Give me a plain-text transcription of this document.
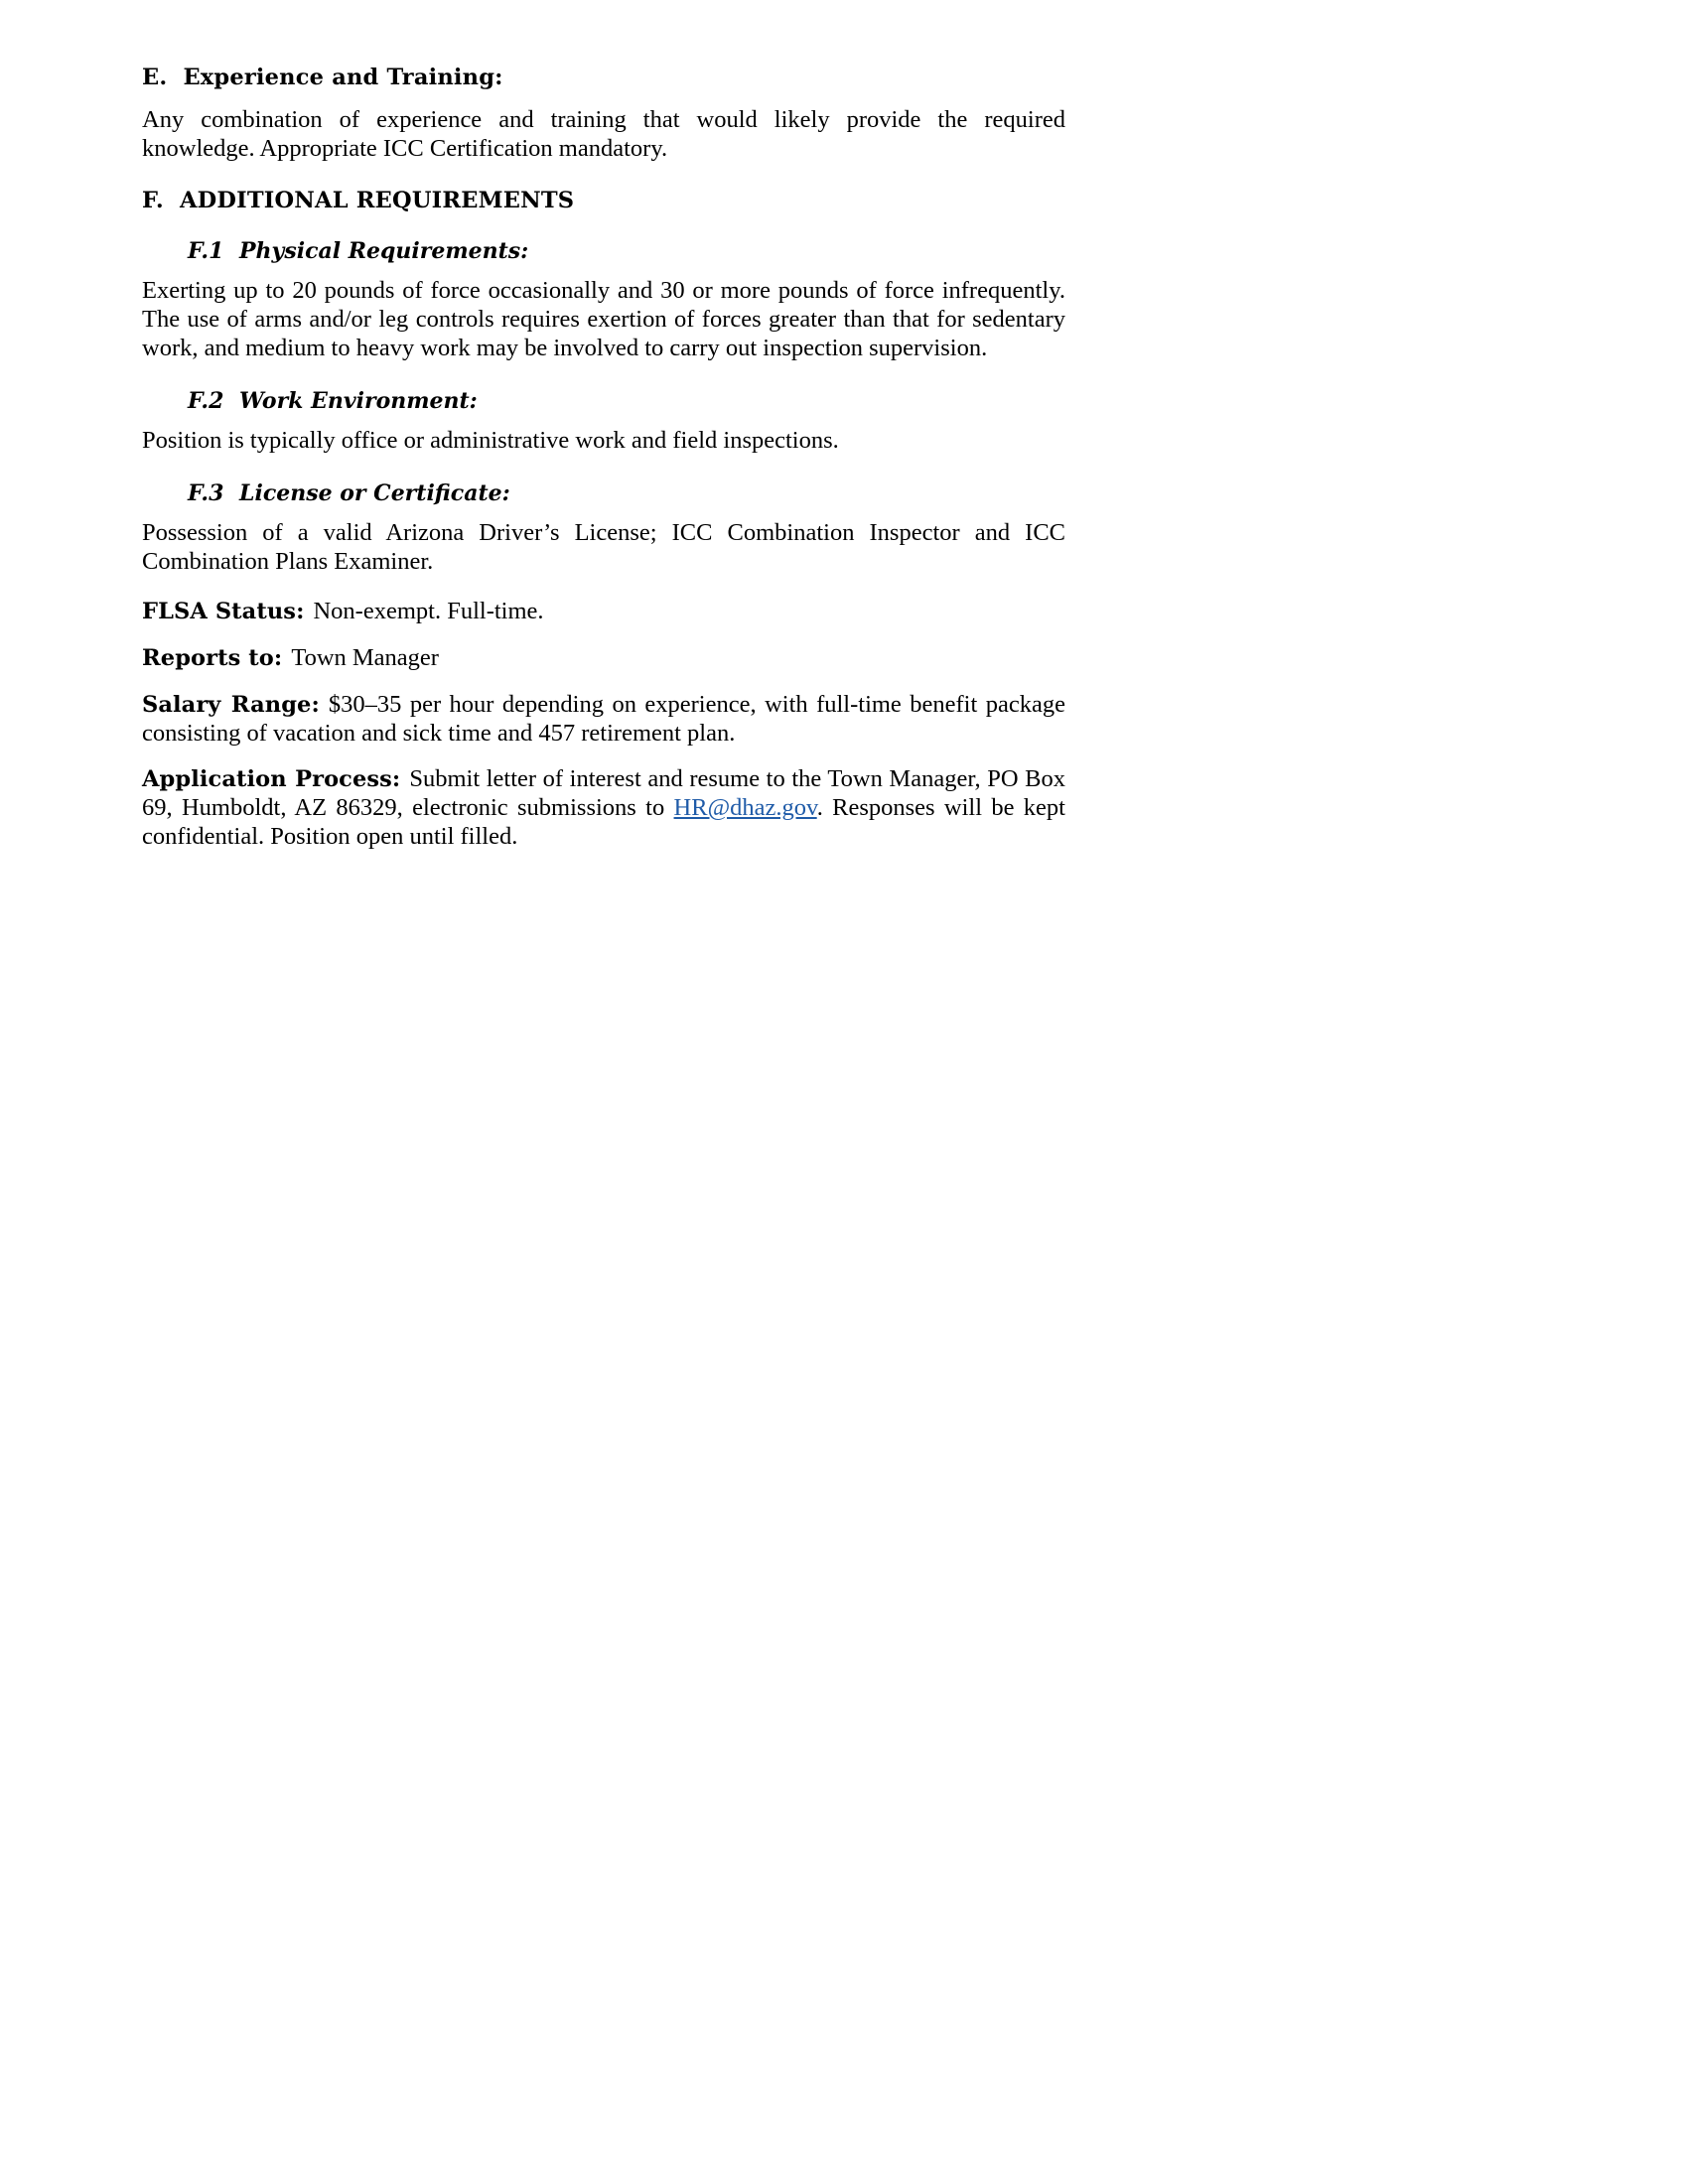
E.  Experience and Training:

Any combination of experience and training that would likely provide the required knowledge. Appropriate ICC Certification mandatory.

F.  ADDITIONAL REQUIREMENTS
F.1  Physical Requirements:

Exerting up to 20 pounds of force occasionally and 30 or more pounds of force infrequently. The use of arms and/or leg controls requires exertion of forces greater than that for sedentary work, and medium to heavy work may be involved to carry out inspection supervision.

F.2  Work Environment:

Position is typically office or administrative work and field inspections.

F.3  License or Certificate:

Possession of a valid Arizona Driver’s License; ICC Combination Inspector and ICC Combination Plans Examiner.

FLSA Status: Non-exempt. Full-time.

Reports to: Town Manager

Salary Range: $30–35 per hour depending on experience, with full-time benefit package consisting of vacation and sick time and 457 retirement plan.

Application Process: Submit letter of interest and resume to the Town Manager, PO Box 69, Humboldt, AZ 86329, electronic submissions to HR@dhaz.gov. Responses will be kept confidential. Position open until filled.
